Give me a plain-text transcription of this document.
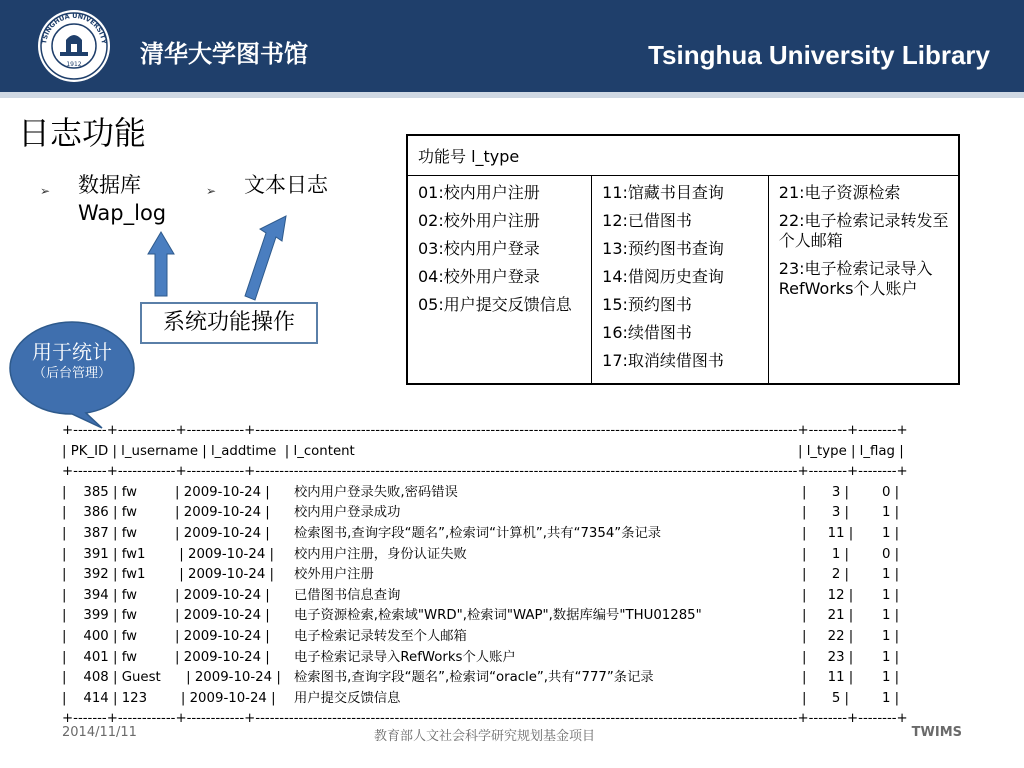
1912
TSINGHUA UNIVERSITY 清华大学图书馆	Tsinghua University Library
日志功能
➢ 数据库
Wap_log
➢ 文本日志
系统功能操作
用于统计
（后台管理）
功能号 l_type

01:校内用户注册
02:校外用户注册
03:校内用户登录
04:校外用户登录
05:用户提交反馈信息

11:馆藏书目查询
12:已借图书
13:预约图书查询
14:借阅历史查询
15:预约图书
16:续借图书
17:取消续借图书

21:电子资源检索
22:电子检索记录转发至个人邮箱
23:电子检索记录导入RefWorks个人账户
+-------+------------+------------+-----------------------------------------------------------------------------------------------------------------+--------+--------+
| PK_ID | l_username | l_addtime  | l_content	| l_type | l_flag |
+-------+------------+------------+-----------------------------------------------------------------------------------------------------------------+--------+--------+
|    385 | fw         | 2009-10-24 | 校内用户登录失败,密码错误	|      3 | 0 |
|    386 | fw         | 2009-10-24 | 校内用户登录成功	|      3 | 1 |
|    387 | fw         | 2009-10-24 | 检索图书,查询字段“题名”,检索词“计算机”,共有“7354”条记录	|     11 | 1 |
|    391 | fw1        | 2009-10-24 | 校内用户注册，身份认证失败	|      1 | 0 |
|    392 | fw1        | 2009-10-24 | 校外用户注册	|      2 | 1 |
|    394 | fw         | 2009-10-24 | 已借图书信息查询	|     12 | 1 |
|    399 | fw         | 2009-10-24 | 电子资源检索,检索域"WRD",检索词"WAP",数据库编号"THU01285"	|     21 | 1 |
|    400 | fw         | 2009-10-24 | 电子检索记录转发至个人邮箱	|     22 | 1 |
|    401 | fw         | 2009-10-24 | 电子检索记录导入RefWorks个人账户	|     23 | 1 |
|    408 | Guest      | 2009-10-24 | 检索图书,查询字段“题名”,检索词“oracle”,共有“777”条记录	|     11 | 1 |
|    414 | 123        | 2009-10-24 | 用户提交反馈信息	|      5 | 1 |
+-------+------------+------------+-----------------------------------------------------------------------------------------------------------------+--------+--------+
2014/11/11	教育部人文社会科学研究规划基金项目	TWIMS
